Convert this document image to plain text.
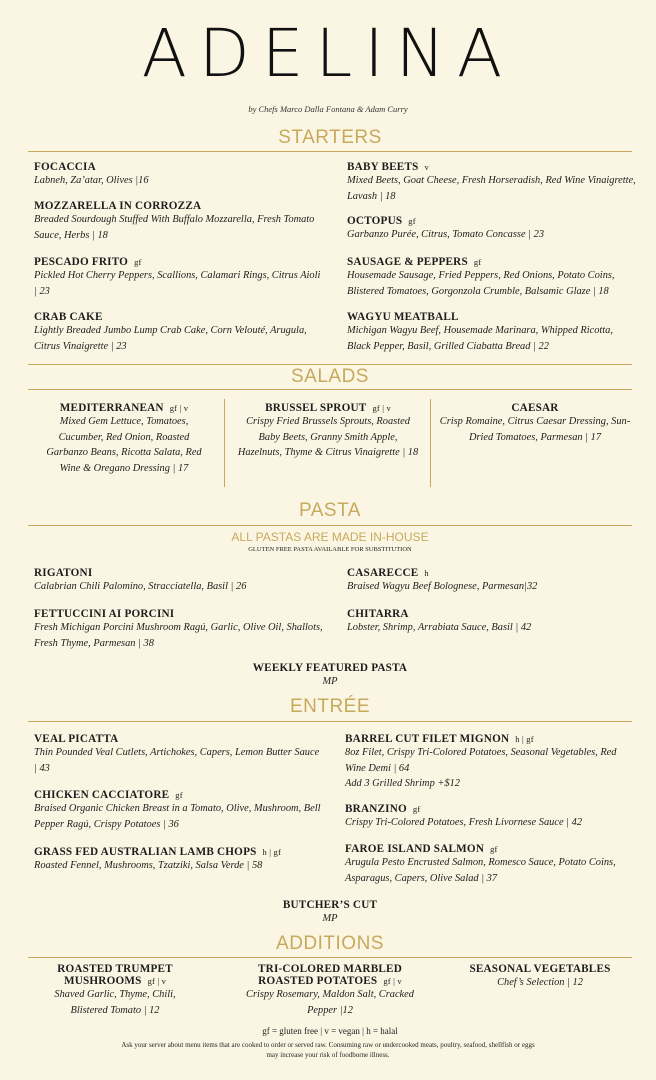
ADELINA
by Chefs Marco Dalla Fontana & Adam Curry
STARTERS
FOCACCIA
Labneh, Za’atar, Olives |16
MOZZARELLA IN CORROZZA
Breaded Sourdough Stuffed With Buffalo Mozzarella, Fresh Tomato Sauce, Herbs | 18
PESCADO FRITO gf
Pickled Hot Cherry Peppers, Scallions, Calamari Rings, Citrus Aioli | 23
CRAB CAKE
Lightly Breaded Jumbo Lump Crab Cake, Corn Velouté, Arugula, Citrus Vinaigrette | 23
BABY BEETS v
Mixed Beets, Goat Cheese, Fresh Horseradish, Red Wine Vinaigrette, Lavash | 18
OCTOPUS gf
Garbanzo Purée, Citrus, Tomato Concasse | 23
SAUSAGE & PEPPERS gf
Housemade Sausage, Fried Peppers, Red Onions, Potato Coins, Blistered Tomatoes, Gorgonzola Crumble, Balsamic Glaze | 18
WAGYU MEATBALL
Michigan Wagyu Beef, Housemade Marinara, Whipped Ricotta, Black Pepper, Basil, Grilled Ciabatta Bread | 22
SALADS
MEDITERRANEAN gf | v
Mixed Gem Lettuce, Tomatoes, Cucumber, Red Onion, Roasted Garbanzo Beans, Ricotta Salata, Red Wine & Oregano Dressing | 17
BRUSSEL SPROUT gf | v
Crispy Fried Brussels Sprouts, Roasted Baby Beets, Granny Smith Apple, Hazelnuts, Thyme & Citrus Vinaigrette | 18
CAESAR
Crisp Romaine, Citrus Caesar Dressing, Sun-Dried Tomatoes, Parmesan | 17
PASTA
ALL PASTAS ARE MADE IN-HOUSE
GLUTEN FREE PASTA AVAILABLE FOR SUBSTITUTION
RIGATONI
Calabrian Chili Palomino, Stracciatella, Basil | 26
FETTUCCINI AI PORCINI
Fresh Michigan Porcini Mushroom Ragú, Garlic, Olive Oil, Shallots, Fresh Thyme, Parmesan | 38
CASARECCE h
Braised Wagyu Beef Bolognese, Parmesan|32
CHITARRA
Lobster, Shrimp, Arrabiata Sauce, Basil | 42
WEEKLY FEATURED PASTA
MP
ENTRÉE
VEAL PICATTA
Thin Pounded Veal Cutlets, Artichokes, Capers, Lemon Butter Sauce | 43
CHICKEN CACCIATORE gf
Braised Organic Chicken Breast in a Tomato, Olive, Mushroom, Bell Pepper Ragú, Crispy Potatoes | 36
GRASS FED AUSTRALIAN LAMB CHOPS h | gf
Roasted Fennel, Mushrooms, Tzatziki, Salsa Verde | 58
BARREL CUT FILET MIGNON h | gf
8oz Filet, Crispy Tri-Colored Potatoes, Seasonal Vegetables, Red Wine Demi | 64
Add 3 Grilled Shrimp +$12
BRANZINO gf
Crispy Tri-Colored Potatoes, Fresh Livornese Sauce | 42
FAROE ISLAND SALMON gf
Arugula Pesto Encrusted Salmon, Romesco Sauce, Potato Coins, Asparagus, Capers, Olive Salad | 37
BUTCHER’S CUT
MP
ADDITIONS
ROASTED TRUMPET MUSHROOMS gf | v
Shaved Garlic, Thyme, Chili, Blistered Tomato | 12
TRI-COLORED MARBLED ROASTED POTATOES gf | v
Crispy Rosemary, Maldon Salt, Cracked Pepper |12
SEASONAL VEGETABLES
Chef’s Selection | 12
gf = gluten free | v = vegan | h = halal
Ask your server about menu items that are cooked to order or served raw. Consuming raw or undercooked meats, poultry, seafood, shellfish or eggs may increase your risk of foodborne illness.
